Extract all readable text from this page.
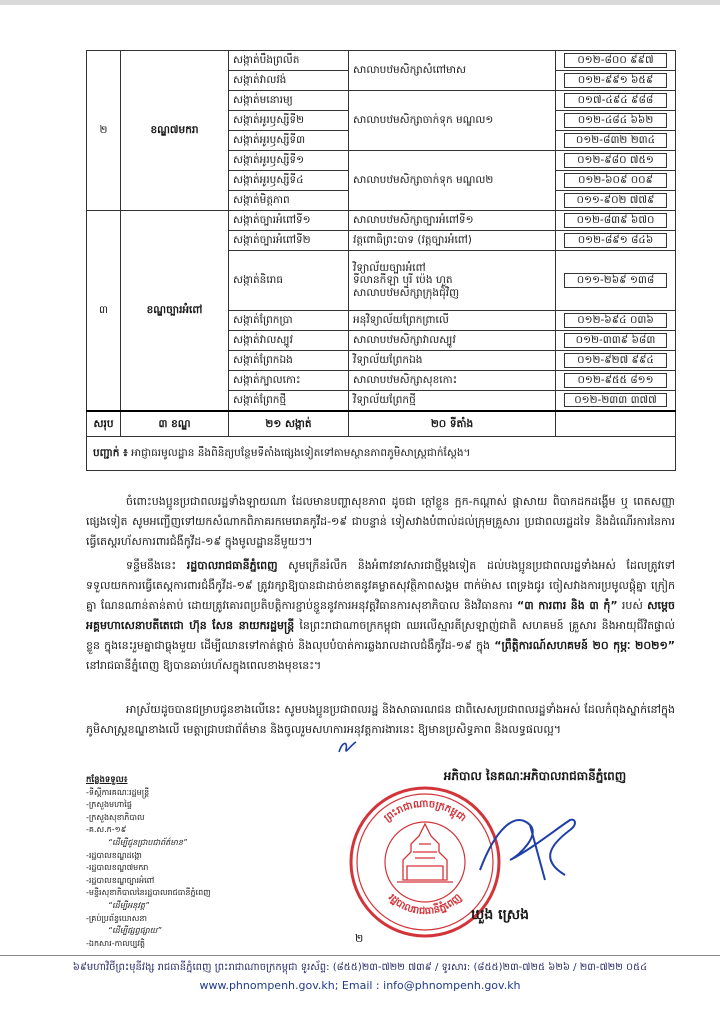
២	ខណ្ឌ៧មករា	សង្កាត់បឹងព្រលឹត	សាលាបឋមសិក្សាសំពៅមាស	០១២-៨០០ ៩៩៧

		សង្កាត់វាលវង់		០១២-៩៩១ ៦៥៩

		សង្កាត់មនោរម្យ	សាលាបឋមសិក្សាចាក់ទុក មណ្ឌល១	០១៧-៤៩៤ ៩៨៨

		សង្កាត់អូរឫស្សីទី២		០១២-៤៨៤ ៦៦២

		សង្កាត់អូរឫស្សីទី៣		០១២-៨៣២ ២៣៤

		សង្កាត់អូរឫស្សីទី១	សាលាបឋមសិក្សាចាក់ទុក មណ្ឌល២	០១២-៩៨០ ៧៥១

		សង្កាត់អូរឫស្សីទី៤		០១២-៦០៩ ០០៩

		សង្កាត់មិត្តភាព		០១១-៩០២ ៧៧៩

៣	ខណ្ឌច្បារអំពៅ	សង្កាត់ច្បារអំពៅទី១	សាលាបឋមសិក្សាច្បារអំពៅទី១	០១២-៨៣៩ ៦៧០

		សង្កាត់ច្បារអំពៅទី២	វត្តពោធិព្រះបាទ (វត្តច្បារអំពៅ)	០១២-៨៩១ ៨៤៦

		សង្កាត់និរោធ	វិទ្យាល័យច្បារអំពៅ
ទីលានកីឡា បុរី ប៉េង ហួត
សាលាបឋមសិក្សាក្រុងជុំវិញ	០១១-២៦៩ ១៣៨

		សង្កាត់ព្រែកប្រា	អនុវិទ្យាល័យព្រែកព្រាលើ	០១២-៦៩៤ ០៣៦

		សង្កាត់វាលស្បូវ	សាលាបឋមសិក្សាវាលស្បូវ	០១២-៣៣៩ ៦៨៣

		សង្កាត់ព្រែកឯង	វិទ្យាល័យព្រែកឯង	០១២-៩២៧ ៩៩៤

		សង្កាត់ក្បាលកោះ	សាលាបឋមសិក្សាសុខកោះ	០១២-៩៥៥ ៨១១

		សង្កាត់ព្រែកថ្មី	វិទ្យាល័យព្រែកថ្មី	០១២-២៣៣ ៣៧៧

សរុប	៣ ខណ្ឌ	២១ សង្កាត់	២០ ទីតាំង	
បញ្ជាក់ ៖ អាជ្ញាធរមូលដ្ឋាន នឹងពិនិត្យបន្ថែមទីតាំងផ្សេងទៀតទៅតាមស្ថានភាពភូមិសាស្ត្រជាក់ស្តែង។				

ចំពោះបងប្អូនប្រជាពលរដ្ឋទាំងឡាយណា ដែលមានបញ្ហាសុខភាព ដូចជា ក្តៅខ្លួន ក្អក-កណ្តាស់ ផ្តាសាយ ពិបាកដកដង្ហើម ឬ ពេតសញ្ញាផ្សេងទៀត សូមអញ្ជើញទៅយកសំណាកពិភាគរកមេរោគកូវីដ-១៩ ជាបន្ទាន់ ទៀសវាងបំពាល់ដល់ក្រុមគ្រួសារ ប្រជាពលរដ្ឋដទៃ និងដំណើរការនៃការធ្វើតេស្តរហ័សការពារជំងឺកូវីដ-១៩ ក្នុងមូលដ្ឋាននីមួយៗ។

ទន្ទឹមនឹងនេះ រដ្ឋបាលរាជធានីភ្នំពេញ សូមក្រើនរំលឹក និងអំពាវនាវសារជាថ្មីម្តងទៀត ដល់បងប្អូនប្រជាពលរដ្ឋទាំងអស់ ដែលត្រូវទៅទទួលយកការធ្វើតេស្តការពារជំងឺកូវីដ-១៩ ត្រូវរក្សាឱ្យបានជាដាច់ខាតនូវគម្លាតសុវត្ថិភាពសង្គម ពាក់ម៉ាស ពេទ្រងជូរ ចៀសវាងការប្រមូលផ្តុំគ្នា ក្រៀកគ្នា ណែនណាន់តាន់តាប់ ដោយត្រូវគោរពប្រតិបត្តិការខ្ជាប់ខ្ជួននូវការអនុវត្តវិធានការសុខាភិបាល និងវិធានការ “៣ ការពារ និង ៣ កុំ” របស់ សម្តេចអគ្គមហាសេនាបតីតេជោ ហ៊ុន សែន នាយករដ្ឋមន្ត្រី នៃព្រះរាជាណាចក្រកម្ពុជា ឈរលើស្មារតីស្រឡាញ់ជាតិ សហគមន៍ គ្រួសារ និងអាយុជីវិតផ្ទាល់ខ្លួន ក្នុងនេះរួមគ្នាជាធ្លុងមួយ ដើម្បីឈានទៅកាត់ផ្តាច់ និងលុបបំបាត់ការឆ្លងរាលដាលជំងឺកូវីដ-១៩ ក្នុង “ព្រឹត្តិការណ៍សហគមន៍ ២០ កុម្ភៈ ២០២១” នៅរាជធានីភ្នំពេញ ឱ្យបានឆាប់រហ័សក្នុងពេលខាងមុខនេះ។

អាស្រ័យដូចបានជម្រាបជូនខាងលើនេះ សូមបងប្អូនប្រជាពលរដ្ឋ និងសាធារណជន ជាពិសេសប្រជាពលរដ្ឋទាំងអស់ ដែលកំពុងស្នាក់នៅក្នុងភូមិសាស្ត្រខណ្ឌខាងលើ មេត្តាជ្រាបជាព័ត៌មាន និងចូលរួមសហការអនុវត្តការងារនេះ ឱ្យមានប្រសិទ្ធភាព និងលទ្ធផលល្អ។

កន្លែងទទួល៖
-ទីស្តីការគណៈរដ្ឋមន្ត្រី
-ក្រសួងមហាផ្ទៃ
-ក្រសួងសុខាភិបាល
-គ.ស.ក-១៩
“ដើម្បីជូនជ្រាបជាព័ត៌មាន”
-រដ្ឋបាលខណ្ឌដង្កោ
-រដ្ឋបាលខណ្ឌ៧មករា
-រដ្ឋបាលខណ្ឌច្បារអំពៅ
-មន្ទីរសុខាភិបាលនៃរដ្ឋបាលរាជធានីភ្នំពេញ
“ដើម្បីអនុវត្ត”
-គ្រប់ប្រព័ន្ធឃោសនា
“ដើម្បីផ្សព្វផ្សាយ”
-ឯកសារ-កាលប្បវត្តិ
អភិបាល នៃគណៈអភិបាលរាជធានីភ្នំពេញ
ព្រះរាជាណាចក្រកម្ពុជា
រដ្ឋបាលរាជធានីភ្នំពេញ
ឃួង ស្រេង
២
៦៩មហាវិថីព្រះមុនីវង្ស រាជធានីភ្នំពេញ ព្រះរាជាណាចក្រកម្ពុជា ទូរស័ព្ទ: (៨៥៥)២៣-៧២២ ៧៣៩ / ទូរសារ: (៨៥៥)២៣-៧២៥ ៦២៦ / ២៣-៧២២ ០៥៤
www.phnompenh.gov.kh; Email : info@phnompenh.gov.kh
